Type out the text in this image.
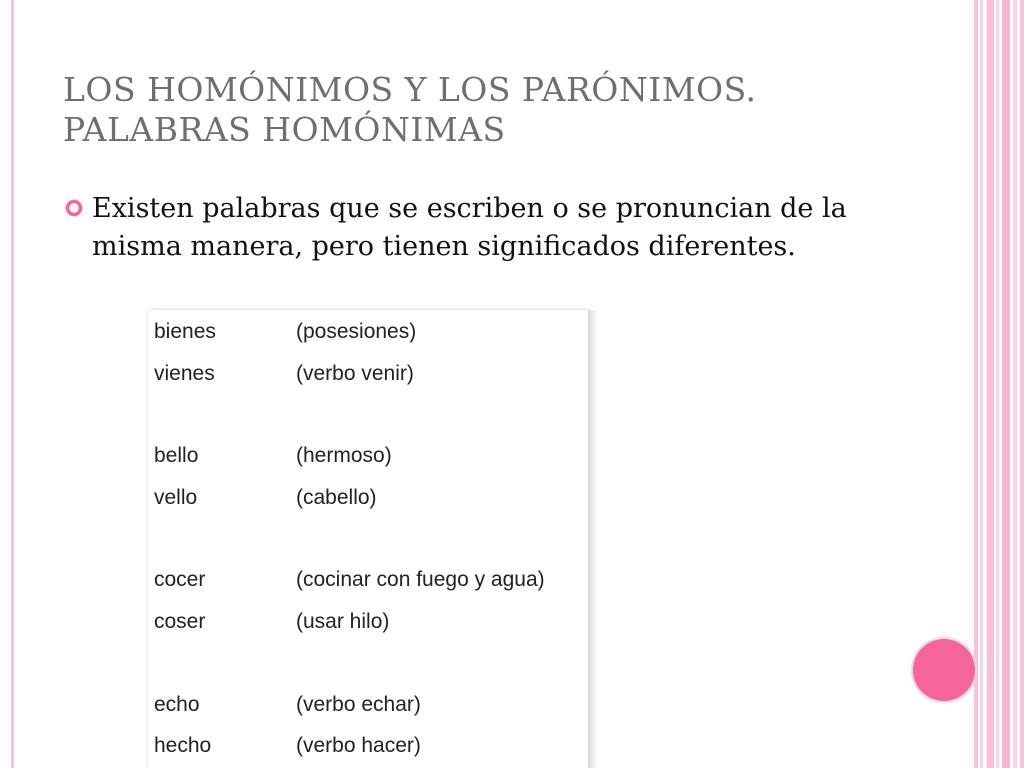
LOS HOMÓNIMOS Y LOS PARÓNIMOS.
PALABRAS HOMÓNIMAS
Existen palabras que se escriben o se pronuncian de la misma manera, pero tienen significados diferentes.
bienes	(posesiones)
vienes	(verbo venir)
bello	(hermoso)
vello	(cabello)
cocer	(cocinar con fuego y agua)
coser	(usar hilo)
echo	(verbo echar)
hecho	(verbo hacer)
